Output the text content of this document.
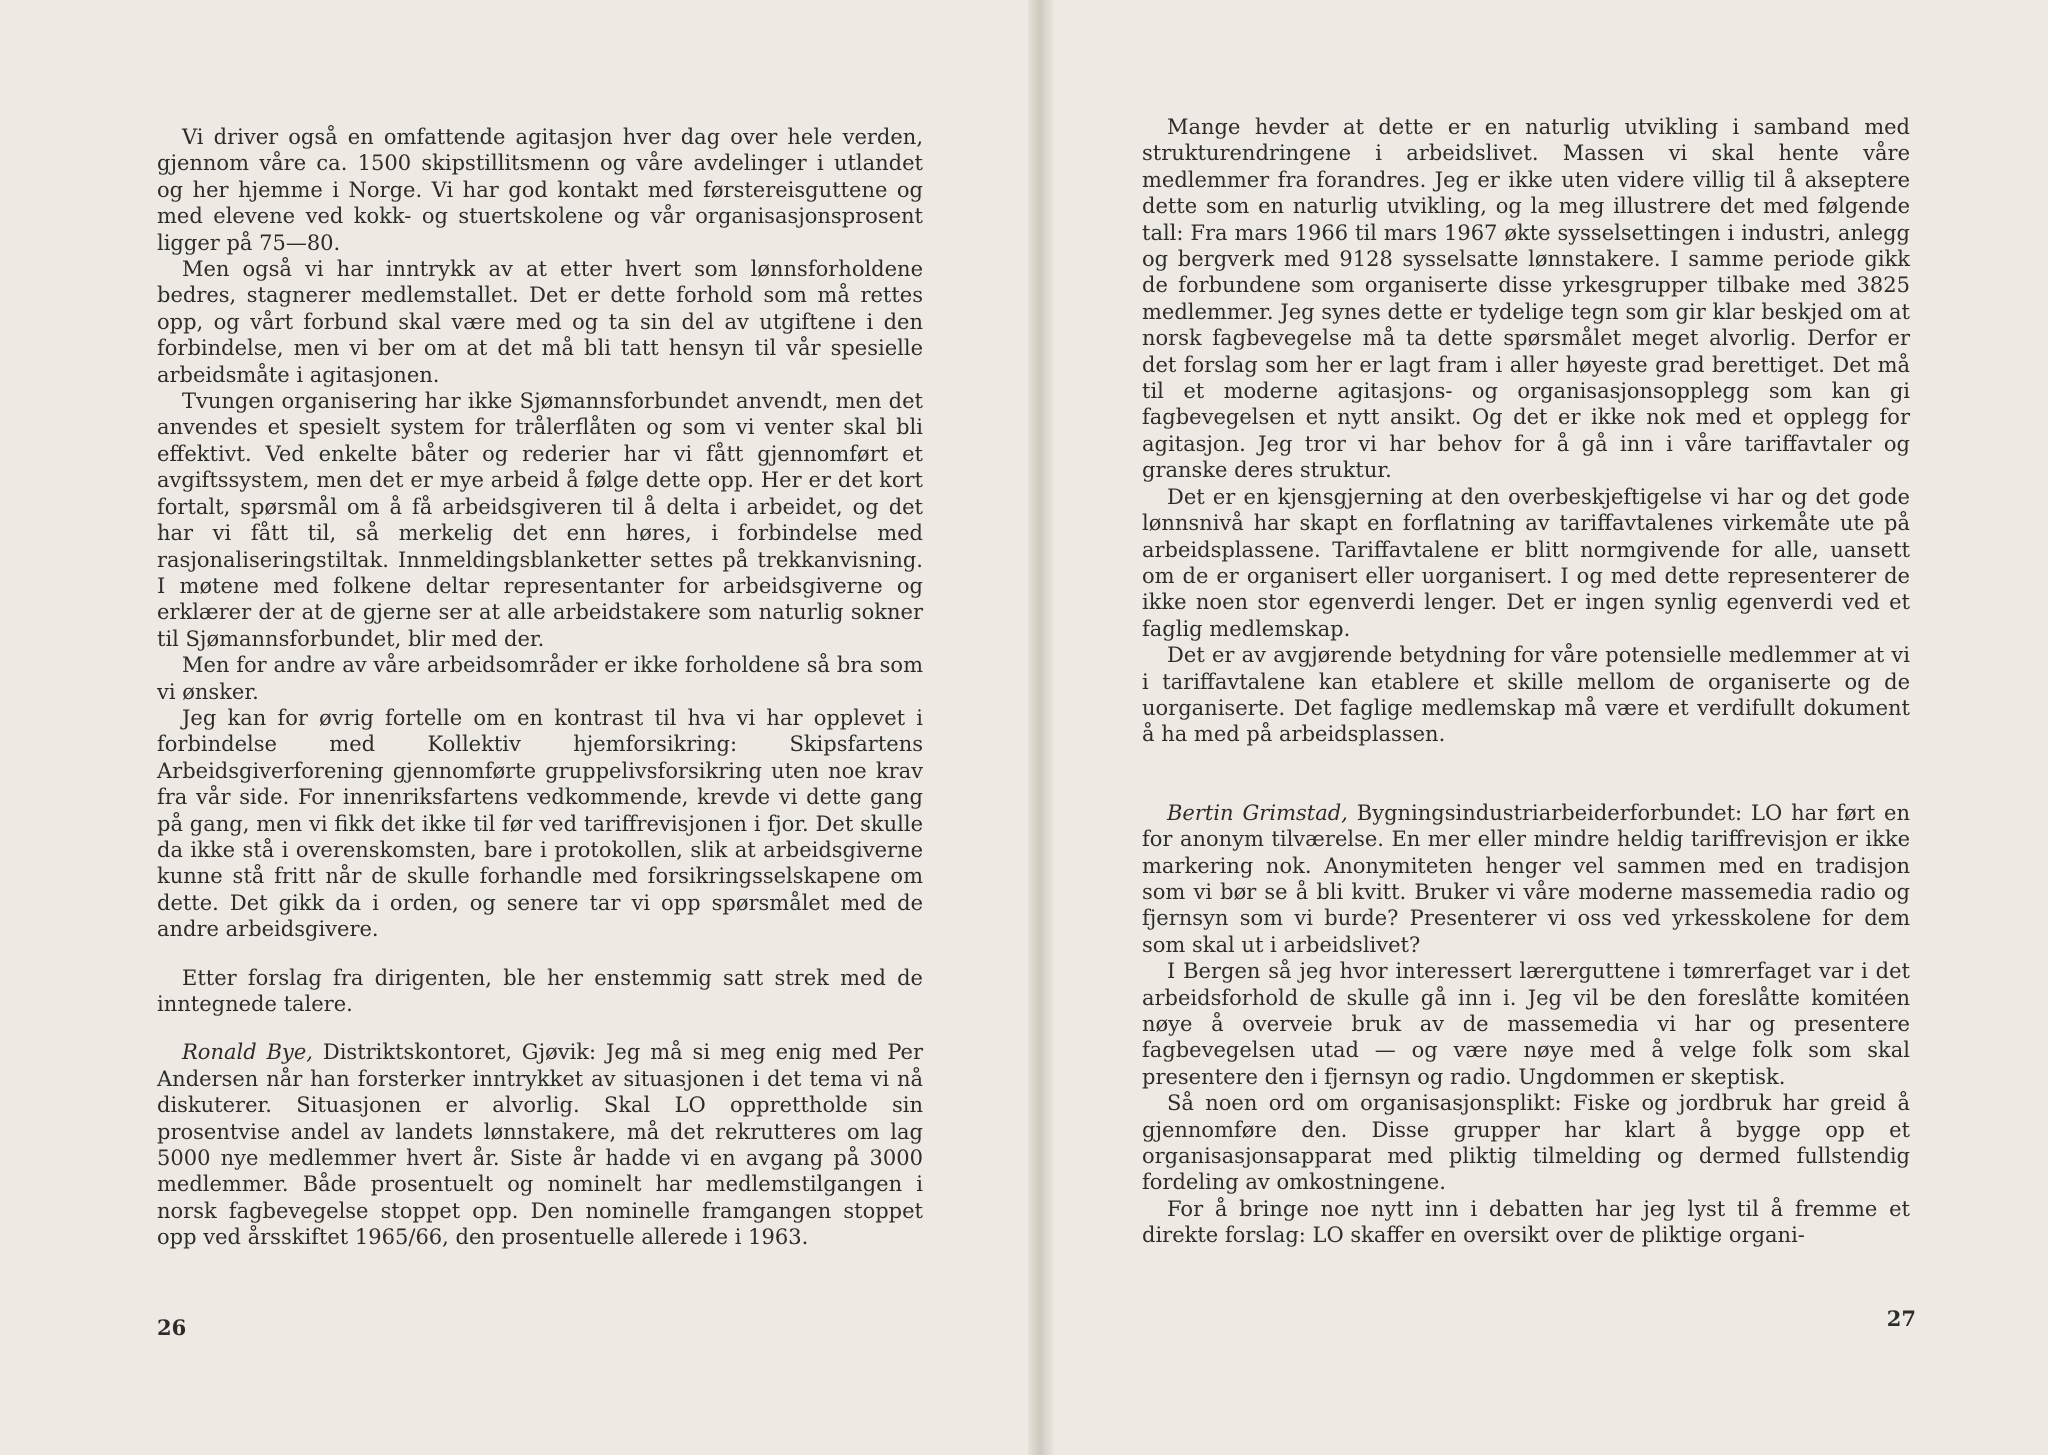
Vi driver også en omfattende agitasjon hver dag over hele verden, gjennom våre ca. 1500 skipstillitsmenn og våre avdelinger i utlandet og her hjemme i Norge. Vi har god kontakt med førstereisguttene og med elevene ved kokk- og stuertskolene og vår organisasjonsprosent ligger på 75—80.

Men også vi har inntrykk av at etter hvert som lønnsforholdene bedres, stagnerer medlemstallet. Det er dette forhold som må rettes opp, og vårt forbund skal være med og ta sin del av utgiftene i den forbindelse, men vi ber om at det må bli tatt hensyn til vår spesielle arbeidsmåte i agitasjonen.

Tvungen organisering har ikke Sjømannsforbundet anvendt, men det anvendes et spesielt system for trålerflåten og som vi venter skal bli effektivt. Ved enkelte båter og rederier har vi fått gjennomført et avgiftssystem, men det er mye arbeid å følge dette opp. Her er det kort fortalt, spørsmål om å få arbeidsgiveren til å delta i arbeidet, og det har vi fått til, så merkelig det enn høres, i forbindelse med rasjonaliseringstiltak. Innmeldingsblanketter settes på trekkanvisning. I møtene med folkene deltar representanter for arbeidsgiverne og erklærer der at de gjerne ser at alle arbeidstakere som naturlig sokner til Sjømannsforbundet, blir med der.

Men for andre av våre arbeidsområder er ikke forholdene så bra som vi ønsker.

Jeg kan for øvrig fortelle om en kontrast til hva vi har opplevet i forbindelse med Kollektiv hjemforsikring: Skipsfartens Arbeidsgiverforening gjennomførte gruppelivsforsikring uten noe krav fra vår side. For innenriksfartens vedkommende, krevde vi dette gang på gang, men vi fikk det ikke til før ved tariffrevisjonen i fjor. Det skulle da ikke stå i overenskomsten, bare i protokollen, slik at arbeidsgiverne kunne stå fritt når de skulle forhandle med forsikringsselskapene om dette. Det gikk da i orden, og senere tar vi opp spørsmålet med de andre arbeidsgivere.

Etter forslag fra dirigenten, ble her enstemmig satt strek med de inntegnede talere.

Ronald Bye, Distriktskontoret, Gjøvik: Jeg må si meg enig med Per Andersen når han forsterker inntrykket av situasjonen i det tema vi nå diskuterer. Situasjonen er alvorlig. Skal LO opprettholde sin prosentvise andel av landets lønnstakere, må det rekrutteres om lag 5000 nye medlemmer hvert år. Siste år hadde vi en avgang på 3000 medlemmer. Både prosentuelt og nominelt har medlemstilgangen i norsk fagbevegelse stoppet opp. Den nominelle framgangen stoppet opp ved årsskiftet 1965/66, den prosentuelle allerede i 1963.

26

Mange hevder at dette er en naturlig utvikling i samband med strukturendringene i arbeidslivet. Massen vi skal hente våre medlemmer fra forandres. Jeg er ikke uten videre villig til å akseptere dette som en naturlig utvikling, og la meg illustrere det med følgende tall: Fra mars 1966 til mars 1967 økte sysselsettingen i industri, anlegg og bergverk med 9128 sysselsatte lønnstakere. I samme periode gikk de forbundene som organiserte disse yrkesgrupper tilbake med 3825 medlemmer. Jeg synes dette er tydelige tegn som gir klar beskjed om at norsk fagbevegelse må ta dette spørsmålet meget alvorlig. Derfor er det forslag som her er lagt fram i aller høyeste grad berettiget. Det må til et moderne agitasjons- og organisasjonsopplegg som kan gi fagbevegelsen et nytt ansikt. Og det er ikke nok med et opplegg for agitasjon. Jeg tror vi har behov for å gå inn i våre tariffavtaler og granske deres struktur.

Det er en kjensgjerning at den overbeskjeftigelse vi har og det gode lønnsnivå har skapt en forflatning av tariffavtalenes virkemåte ute på arbeidsplassene. Tariffavtalene er blitt normgivende for alle, uansett om de er organisert eller uorganisert. I og med dette representerer de ikke noen stor egenverdi lenger. Det er ingen synlig egenverdi ved et faglig medlemskap.

Det er av avgjørende betydning for våre potensielle medlemmer at vi i tariffavtalene kan etablere et skille mellom de organiserte og de uorganiserte. Det faglige medlemskap må være et verdifullt dokument å ha med på arbeidsplassen.

Bertin Grimstad, Bygningsindustriarbeiderforbundet: LO har ført en for anonym tilværelse. En mer eller mindre heldig tariffrevisjon er ikke markering nok. Anonymiteten henger vel sammen med en tradisjon som vi bør se å bli kvitt. Bruker vi våre moderne massemedia radio og fjernsyn som vi burde? Presenterer vi oss ved yrkesskolene for dem som skal ut i arbeidslivet?

I Bergen så jeg hvor interessert lærerguttene i tømrerfaget var i det arbeidsforhold de skulle gå inn i. Jeg vil be den foreslåtte komitéen nøye å overveie bruk av de massemedia vi har og presentere fagbevegelsen utad — og være nøye med å velge folk som skal presentere den i fjernsyn og radio. Ungdommen er skeptisk.

Så noen ord om organisasjonsplikt: Fiske og jordbruk har greid å gjennomføre den. Disse grupper har klart å bygge opp et organisasjonsapparat med pliktig tilmelding og dermed fullstendig fordeling av omkostningene.

For å bringe noe nytt inn i debatten har jeg lyst til å fremme et direkte forslag: LO skaffer en oversikt over de pliktige organi-

27
